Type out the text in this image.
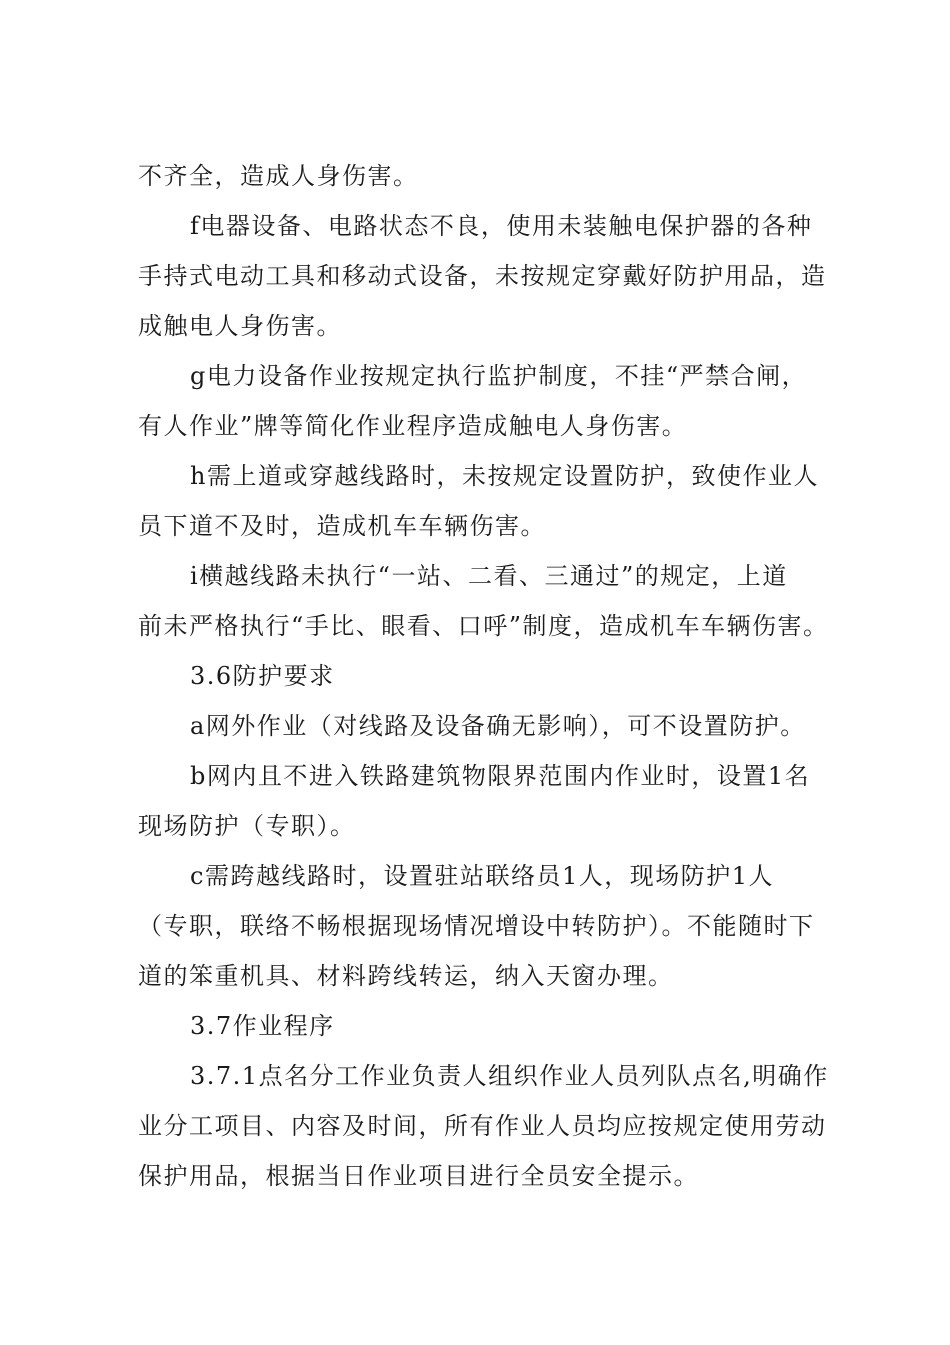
不齐全，造成人身伤害。
f电器设备、电路状态不良，使用未装触电保护器的各种
手持式电动工具和移动式设备，未按规定穿戴好防护用品，造
成触电人身伤害。
g电力设备作业按规定执行监护制度，不挂“严禁合闸，
有人作业”牌等简化作业程序造成触电人身伤害。
h需上道或穿越线路时，未按规定设置防护，致使作业人
员下道不及时，造成机车车辆伤害。
i横越线路未执行“一站、二看、三通过”的规定，上道
前未严格执行“手比、眼看、口呼”制度，造成机车车辆伤害。
3.6防护要求
a网外作业（对线路及设备确无影响），可不设置防护。
b网内且不进入铁路建筑物限界范围内作业时，设置1名
现场防护（专职）。
c需跨越线路时，设置驻站联络员1人，现场防护1人
（专职，联络不畅根据现场情况增设中转防护）。不能随时下
道的笨重机具、材料跨线转运，纳入天窗办理。
3.7作业程序
3.7.1点名分工作业负责人组织作业人员列队点名,明确作
业分工项目、内容及时间，所有作业人员均应按规定使用劳动
保护用品，根据当日作业项目进行全员安全提示。
